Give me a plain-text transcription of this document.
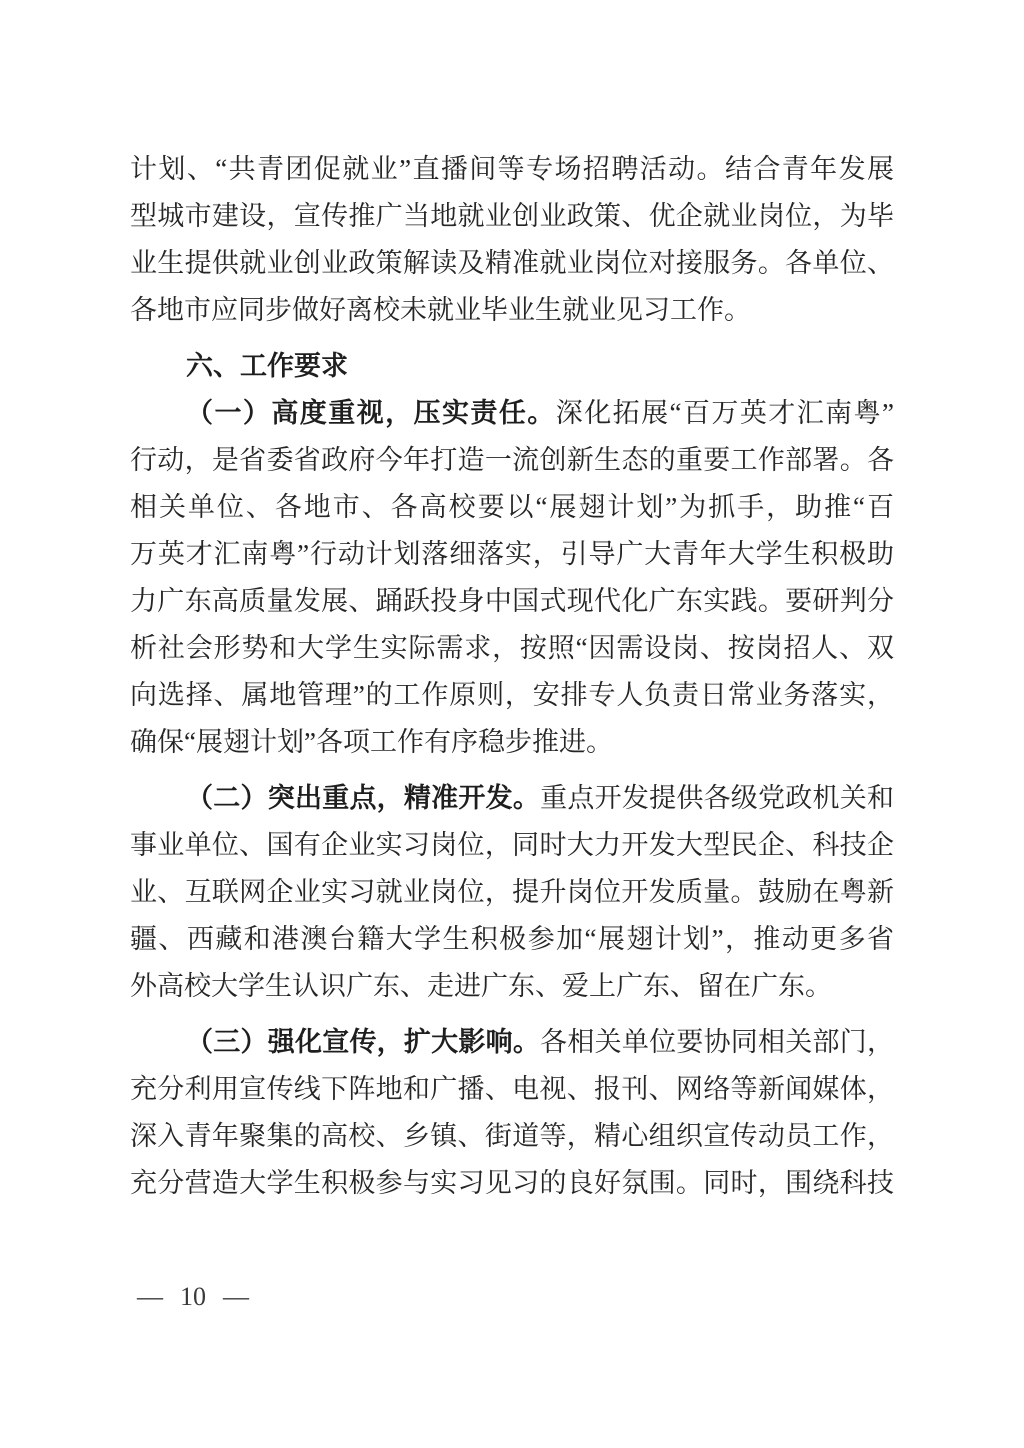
计划、“共青团促就业”直播间等专场招聘活动。结合青年发展
型城市建设，宣传推广当地就业创业政策、优企就业岗位，为毕
业生提供就业创业政策解读及精准就业岗位对接服务。各单位、
各地市应同步做好离校未就业毕业生就业见习工作。
六、工作要求
（一）高度重视，压实责任。深化拓展“百万英才汇南粤”
行动，是省委省政府今年打造一流创新生态的重要工作部署。各
相关单位、各地市、各高校要以“展翅计划”为抓手，助推“百
万英才汇南粤”行动计划落细落实，引导广大青年大学生积极助
力广东高质量发展、踊跃投身中国式现代化广东实践。要研判分
析社会形势和大学生实际需求，按照“因需设岗、按岗招人、双
向选择、属地管理”的工作原则，安排专人负责日常业务落实，
确保“展翅计划”各项工作有序稳步推进。
（二）突出重点，精准开发。重点开发提供各级党政机关和
事业单位、国有企业实习岗位，同时大力开发大型民企、科技企
业、互联网企业实习就业岗位，提升岗位开发质量。鼓励在粤新
疆、西藏和港澳台籍大学生积极参加“展翅计划”，推动更多省
外高校大学生认识广东、走进广东、爱上广东、留在广东。
（三）强化宣传，扩大影响。各相关单位要协同相关部门，
充分利用宣传线下阵地和广播、电视、报刊、网络等新闻媒体，
深入青年聚集的高校、乡镇、街道等，精心组织宣传动员工作，
充分营造大学生积极参与实习见习的良好氛围。同时，围绕科技
— 10 —
